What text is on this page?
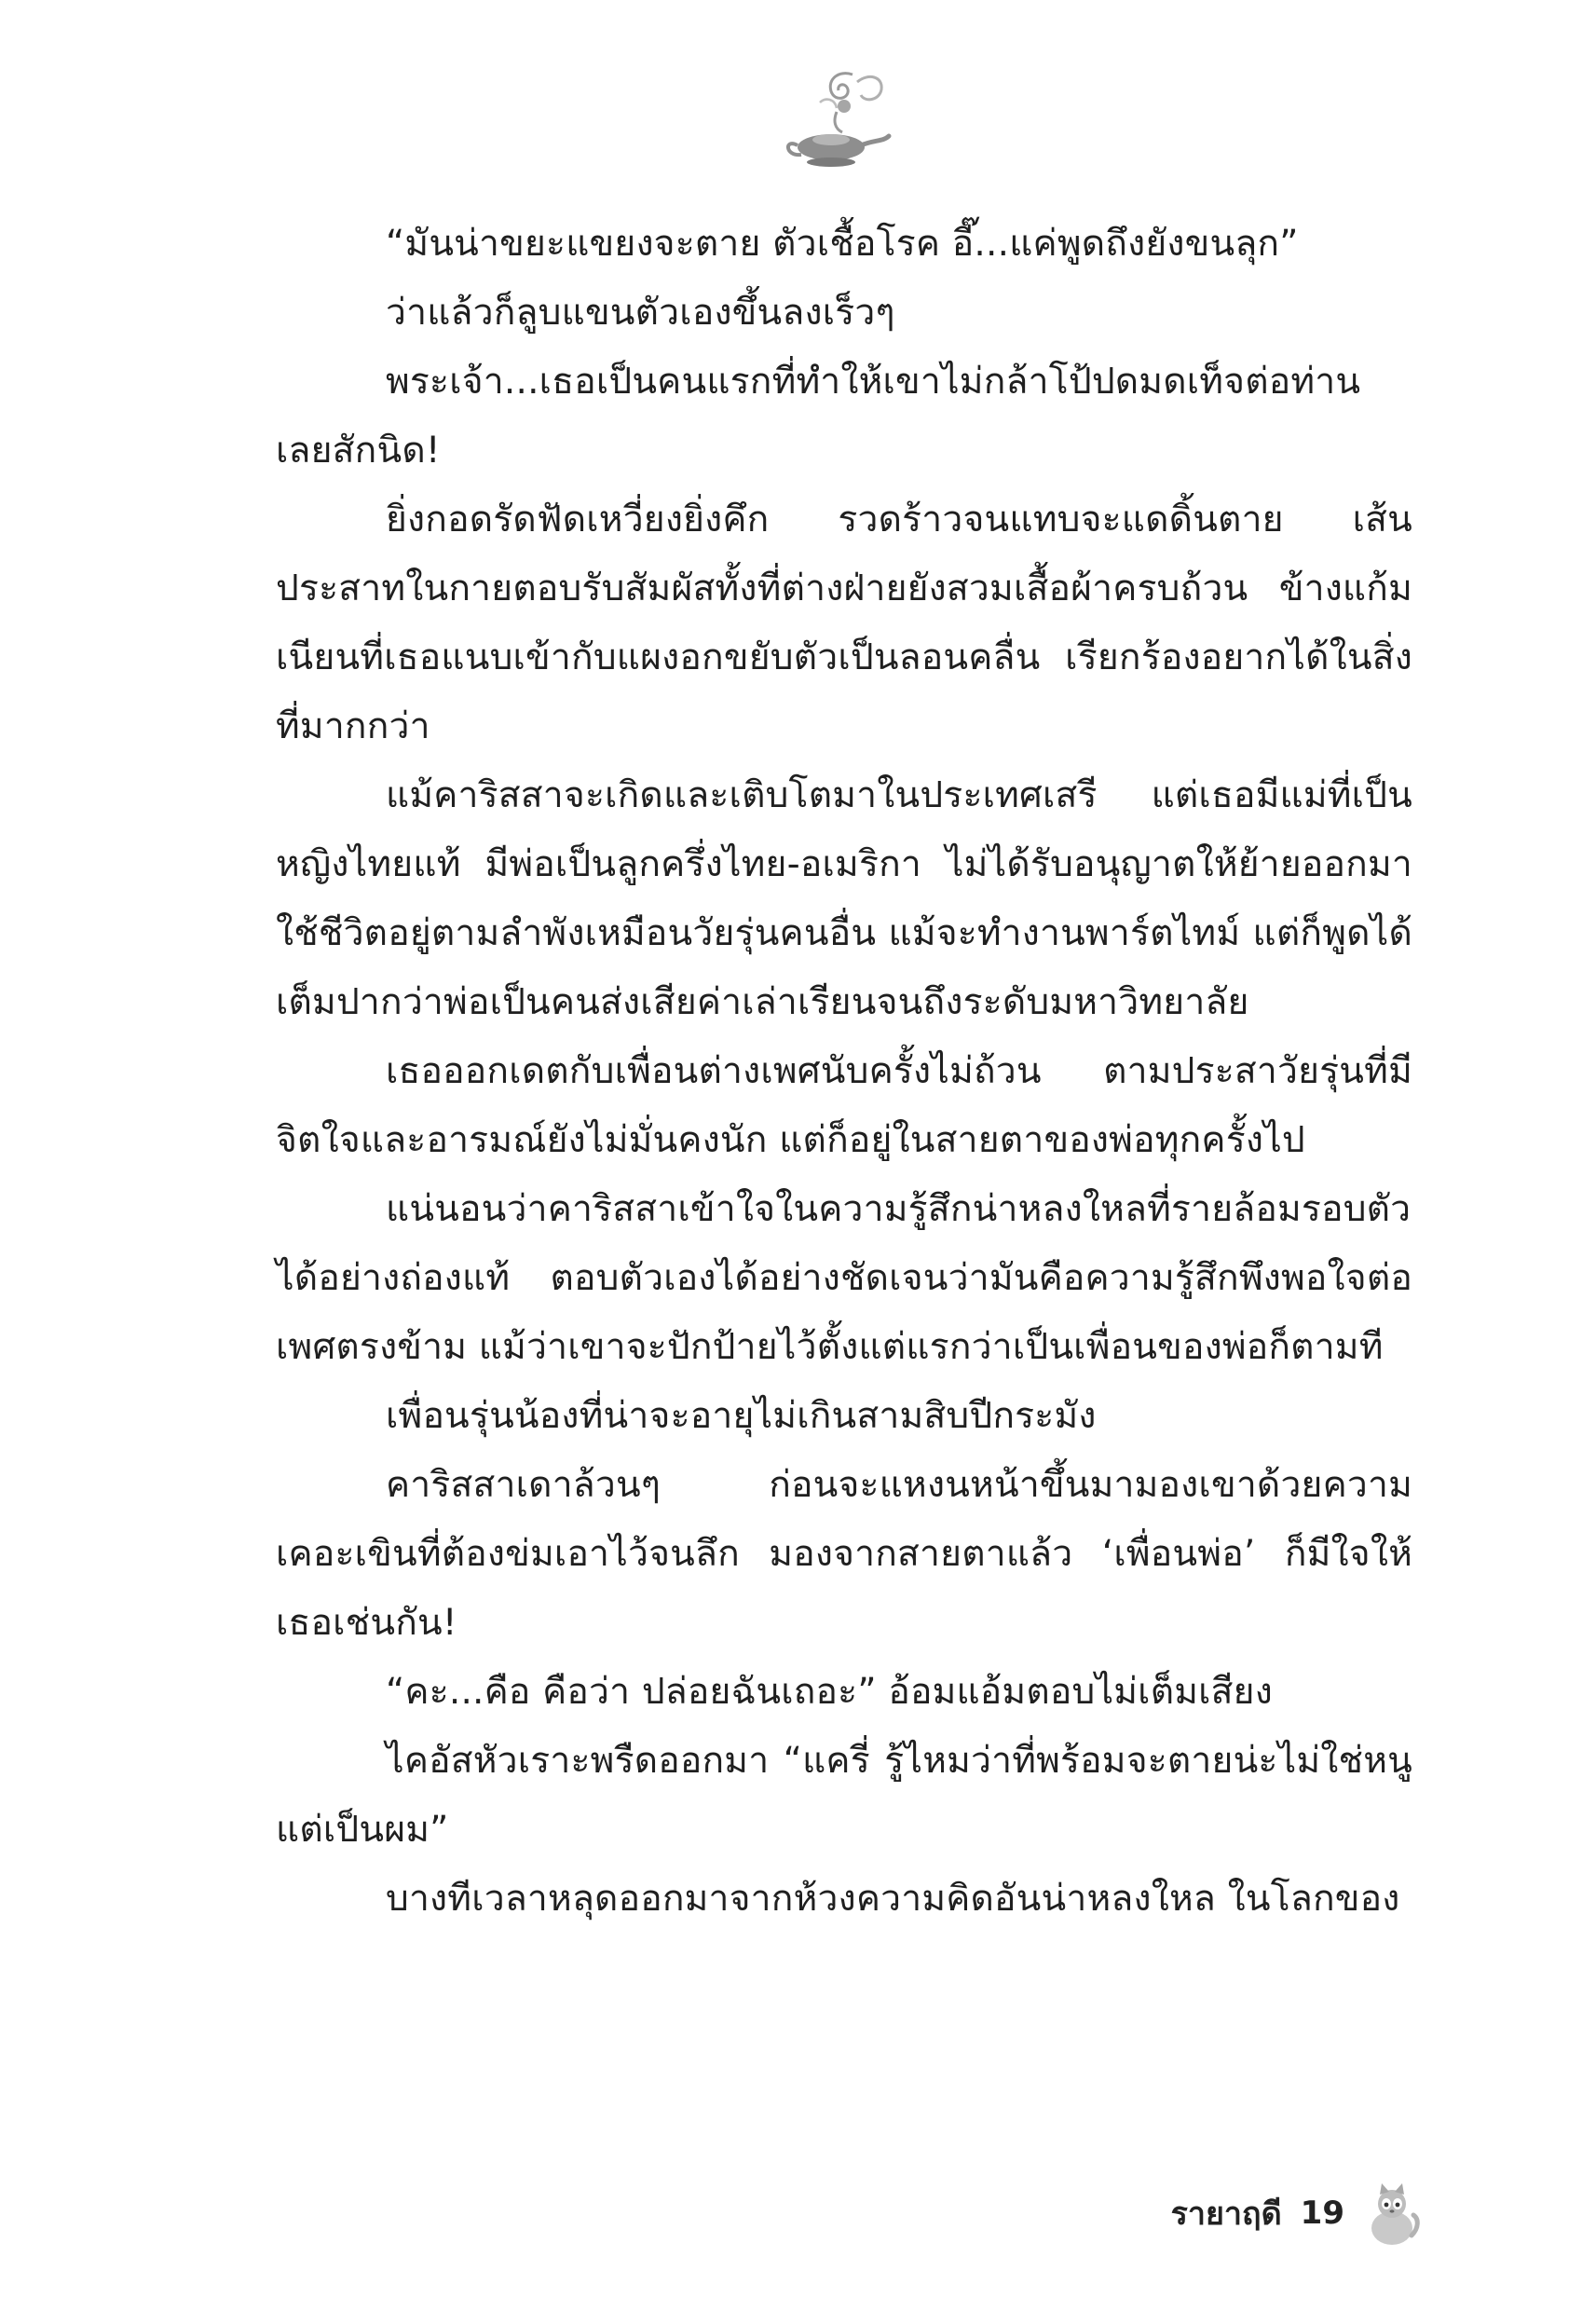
“มันน่าขยะแขยงจะตาย ตัวเชื้อโรค อี๊...แค่พูดถึงยังขนลุก”

ว่าแล้วก็ลูบแขนตัวเองขึ้นลงเร็วๆ

พระเจ้า...เธอเป็นคนแรกที่ทำให้เขาไม่กล้าโป้ปดมดเท็จต่อท่านเลยสักนิด!

ยิ่งกอดรัดฟัดเหวี่ยงยิ่งคึก รวดร้าวจนแทบจะแดดิ้นตาย เส้นประสาทในกายตอบรับสัมผัสทั้งที่ต่างฝ่ายยังสวมเสื้อผ้าครบถ้วน ข้างแก้มเนียนที่เธอแนบเข้ากับแผงอกขยับตัวเป็นลอนคลื่น เรียกร้องอยากได้ในสิ่งที่มากกว่า

แม้คาริสสาจะเกิดและเติบโตมาในประเทศเสรี แต่เธอมีแม่ที่เป็นหญิงไทยแท้ มีพ่อเป็นลูกครึ่งไทย-อเมริกา ไม่ได้รับอนุญาตให้ย้ายออกมาใช้ชีวิตอยู่ตามลำพังเหมือนวัยรุ่นคนอื่น แม้จะทำงานพาร์ตไทม์ แต่ก็พูดได้เต็มปากว่าพ่อเป็นคนส่งเสียค่าเล่าเรียนจนถึงระดับมหาวิทยาลัย

เธอออกเดตกับเพื่อนต่างเพศนับครั้งไม่ถ้วน ตามประสาวัยรุ่นที่มีจิตใจและอารมณ์ยังไม่มั่นคงนัก แต่ก็อยู่ในสายตาของพ่อทุกครั้งไป

แน่นอนว่าคาริสสาเข้าใจในความรู้สึกน่าหลงใหลที่รายล้อมรอบตัวได้อย่างถ่องแท้ ตอบตัวเองได้อย่างชัดเจนว่ามันคือความรู้สึกพึงพอใจต่อเพศตรงข้าม แม้ว่าเขาจะปักป้ายไว้ตั้งแต่แรกว่าเป็นเพื่อนของพ่อก็ตามที

เพื่อนรุ่นน้องที่น่าจะอายุไม่เกินสามสิบปีกระมัง

คาริสสาเดาล้วนๆ ก่อนจะแหงนหน้าขึ้นมามองเขาด้วยความเคอะเขินที่ต้องข่มเอาไว้จนลึก มองจากสายตาแล้ว ‘เพื่อนพ่อ’ ก็มีใจให้เธอเช่นกัน!

“คะ...คือ คือว่า ปล่อยฉันเถอะ” อ้อมแอ้มตอบไม่เต็มเสียง

ไคอัสหัวเราะพรืดออกมา “แครี่ รู้ไหมว่าที่พร้อมจะตายน่ะไม่ใช่หนู แต่เป็นผม”

บางทีเวลาหลุดออกมาจากห้วงความคิดอันน่าหลงใหล ในโลกของ

รายาฤดี 19
